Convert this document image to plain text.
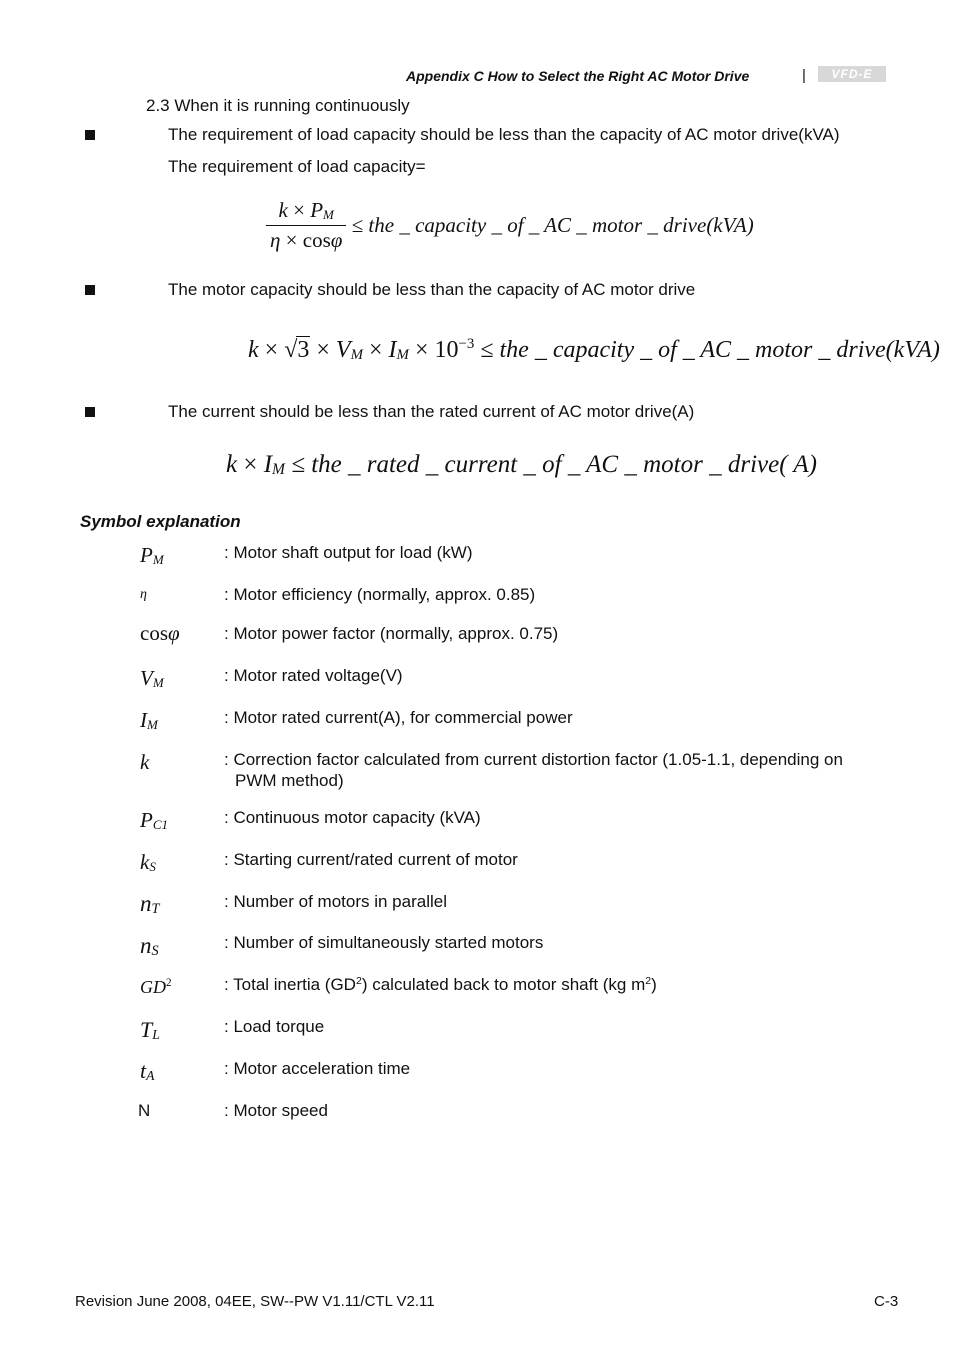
Appendix C How to Select the Right AC Motor Drive	|	VFD-E
2.3 When it is running continuously
The requirement of load capacity should be less than the capacity of AC motor drive(kVA)
The requirement of load capacity=
$\frac{k \times PM}{\eta \times \cos\varphi}$ ≤ the _ capacity _ of _ AC _ motor _ drive(kVA)
The motor capacity should be less than the capacity of AC motor drive
k × √3 × VM × IM × $10^{-3}$ ≤ the _ capacity _ of _ AC _ motor _ drive(kVA)
The current should be less than the rated current of AC motor drive(A)
k × IM ≤ the _ rated _ current _ of _ AC _ motor _ drive( A)
Symbol explanation
PM	: Motor shaft output for load (kW)
η	: Motor efficiency (normally, approx. 0.85)
cosφ	: Motor power factor (normally, approx. 0.75)
VM	: Motor rated voltage(V)
IM	: Motor rated current(A), for commercial power
k	: Correction factor calculated from current distortion factor (1.05-1.1, depending on
PWM method)
PC1	: Continuous motor capacity (kVA)
kS	: Starting current/rated current of motor
nT	: Number of motors in parallel
nS	: Number of simultaneously started motors
$GD^2$	: Total inertia $(GD^2)$ calculated back to motor shaft (kg $m^2$)
TL	: Load torque
tA	: Motor acceleration time
N	: Motor speed
Revision June 2008, 04EE, SW--PW V1.11/CTL V2.11	C-3
